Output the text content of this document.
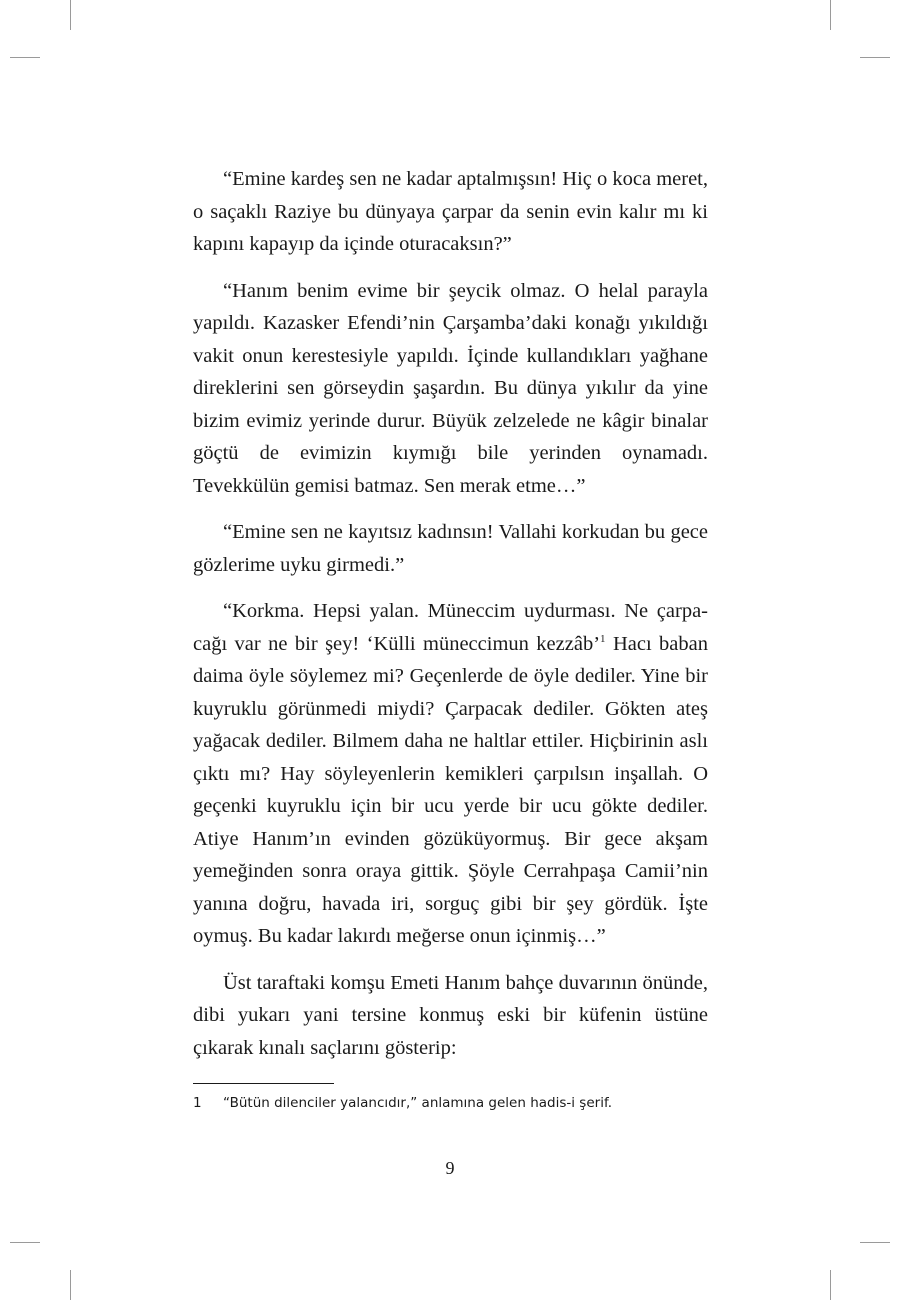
“Emine kardeş sen ne kadar aptalmışsın! Hiç o koca meret, o saçaklı Raziye bu dünyaya çarpar da senin evin kalır mı ki kapını kapayıp da içinde oturacaksın?”

“Hanım benim evime bir şeycik olmaz. O helal parayla yapıldı. Kazasker Efendi’nin Çarşamba’daki konağı yıkıldığı vakit onun kerestesiyle yapıldı. İçinde kullandıkları yağhane direklerini sen görseydin şaşardın. Bu dünya yıkılır da yine bizim evimiz yerinde durur. Büyük zelzelede ne kâgir binalar göçtü de evimizin kıymığı bile yerinden oynamadı. Tevekkülün gemisi batmaz. Sen merak etme…”

“Emine sen ne kayıtsız kadınsın! Vallahi korkudan bu gece gözlerime uyku girmedi.”

“Korkma. Hepsi yalan. Müneccim uydurması. Ne çarpacağı var ne bir şey! ‘Külli müneccimun kezzâb’$^1$ Hacı baban daima öyle söylemez mi? Geçenlerde de öyle dediler. Yine bir kuyruklu görünmedi miydi? Çarpacak dediler. Gökten ateş yağacak dediler. Bilmem daha ne haltlar ettiler. Hiçbirinin aslı çıktı mı? Hay söyleyenlerin kemikleri çarpılsın inşallah. O geçenki kuyruklu için bir ucu yerde bir ucu gökte dediler. Atiye Hanım’ın evinden gözüküyormuş. Bir gece akşam yemeğinden sonra oraya gittik. Şöyle Cerrahpaşa Camii’nin yanına doğru, havada iri, sorguç gibi bir şey gördük. İşte oymuş. Bu kadar lakırdı meğerse onun içinmiş…”

Üst taraftaki komşu Emeti Hanım bahçe duvarının önünde, dibi yukarı yani tersine konmuş eski bir küfenin üstüne çıkarak kınalı saçlarını gösterip:

1 “Bütün dilenciler yalancıdır,” anlamına gelen hadis-i şerif.
9
